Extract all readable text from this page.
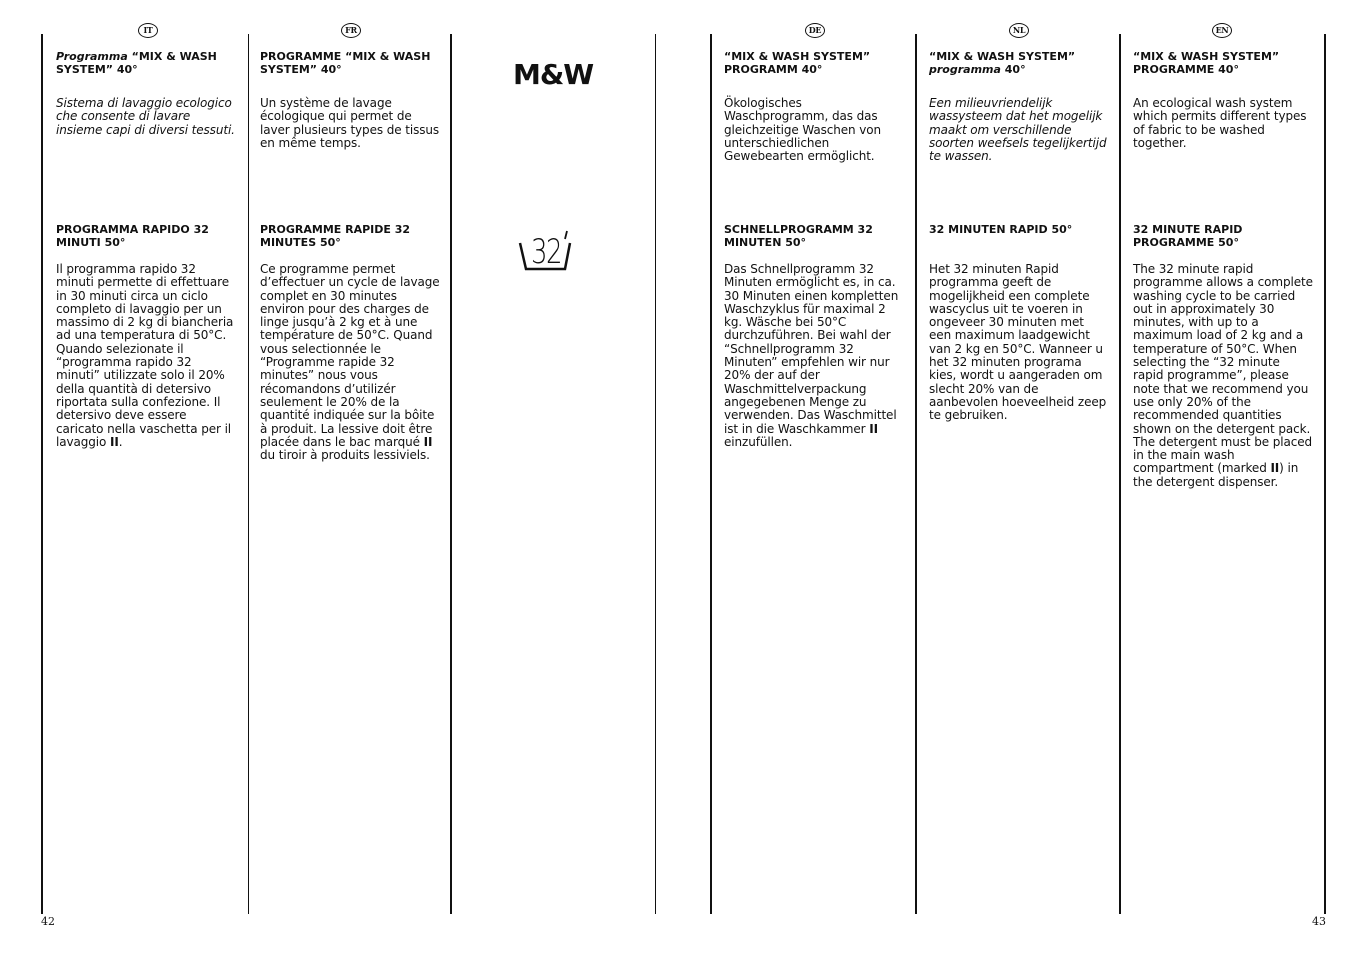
IT

Programma “MIX & WASH SYSTEM” 40°

Sistema di lavaggio ecologico che consente di lavare insieme capi di diversi tessuti.

PROGRAMMA RAPIDO 32 MINUTI 50°

Il programma rapido 32 minuti permette di effettuare in 30 minuti circa un ciclo completo di lavaggio per un massimo di 2 kg di biancheria ad una temperatura di 50°C. Quando selezionate il “programma rapido 32 minuti” utilizzate solo il 20% della quantità di detersivo riportata sulla confezione. Il detersivo deve essere caricato nella vaschetta per il lavaggio II.

FR

PROGRAMME “MIX & WASH SYSTEM” 40°

Un système de lavage écologique qui permet de laver plusieurs types de tissus en même temps.

PROGRAMME RAPIDE 32 MINUTES 50°

Ce programme permet d’effectuer un cycle de lavage complet en 30 minutes environ pour des charges de linge jusqu’à 2 kg et à une température de 50°C. Quand vous selectionnée le “Programme rapide 32 minutes” nous vous récomandons d’utilizér seulement le 20% de la quantité indiquée sur la bôite à produit. La lessive doit être placée dans le bac marqué II du tiroir à produits lessiviels.

M&W
32
42
DE

“MIX & WASH SYSTEM” PROGRAMM 40°

Ökologisches Waschprogramm, das das gleichzeitige Waschen von unterschiedlichen Gewebearten ermöglicht.

SCHNELLPROGRAMM 32 MINUTEN 50°

Das Schnellprogramm 32 Minuten ermöglicht es, in ca. 30 Minuten einen kompletten Waschzyklus für maximal 2 kg. Wäsche bei 50°C durchzuführen. Bei wahl der “Schnellprogramm 32 Minuten” empfehlen wir nur 20% der auf der Waschmittelverpackung angegebenen Menge zu verwenden. Das Waschmittel ist in die Waschkammer II einzufüllen.

NL

“MIX & WASH SYSTEM”
programma 40°

Een milieuvriendelijk wassysteem dat het mogelijk maakt om verschillende soorten weefsels tegelijkertijd te wassen.

32 MINUTEN RAPID 50°

Het 32 minuten Rapid programma geeft de mogelijkheid een complete wascyclus uit te voeren in ongeveer 30 minuten met een maximum laadgewicht van 2 kg en 50°C. Wanneer u het 32 minuten programa kies, wordt u aangeraden om slecht 20% van de aanbevolen hoeveelheid zeep te gebruiken.

EN

“MIX & WASH SYSTEM” PROGRAMME 40°

An ecological wash system which permits different types of fabric to be washed together.

32 MINUTE RAPID PROGRAMME 50°

The 32 minute rapid programme allows a complete washing cycle to be carried out in approximately 30 minutes, with up to a maximum load of 2 kg and a temperature of 50°C. When selecting the “32 minute rapid programme”, please note that we recommend you use only 20% of the recommended quantities shown on the detergent pack. The detergent must be placed in the main wash compartment (marked II) in the detergent dispenser.

43
